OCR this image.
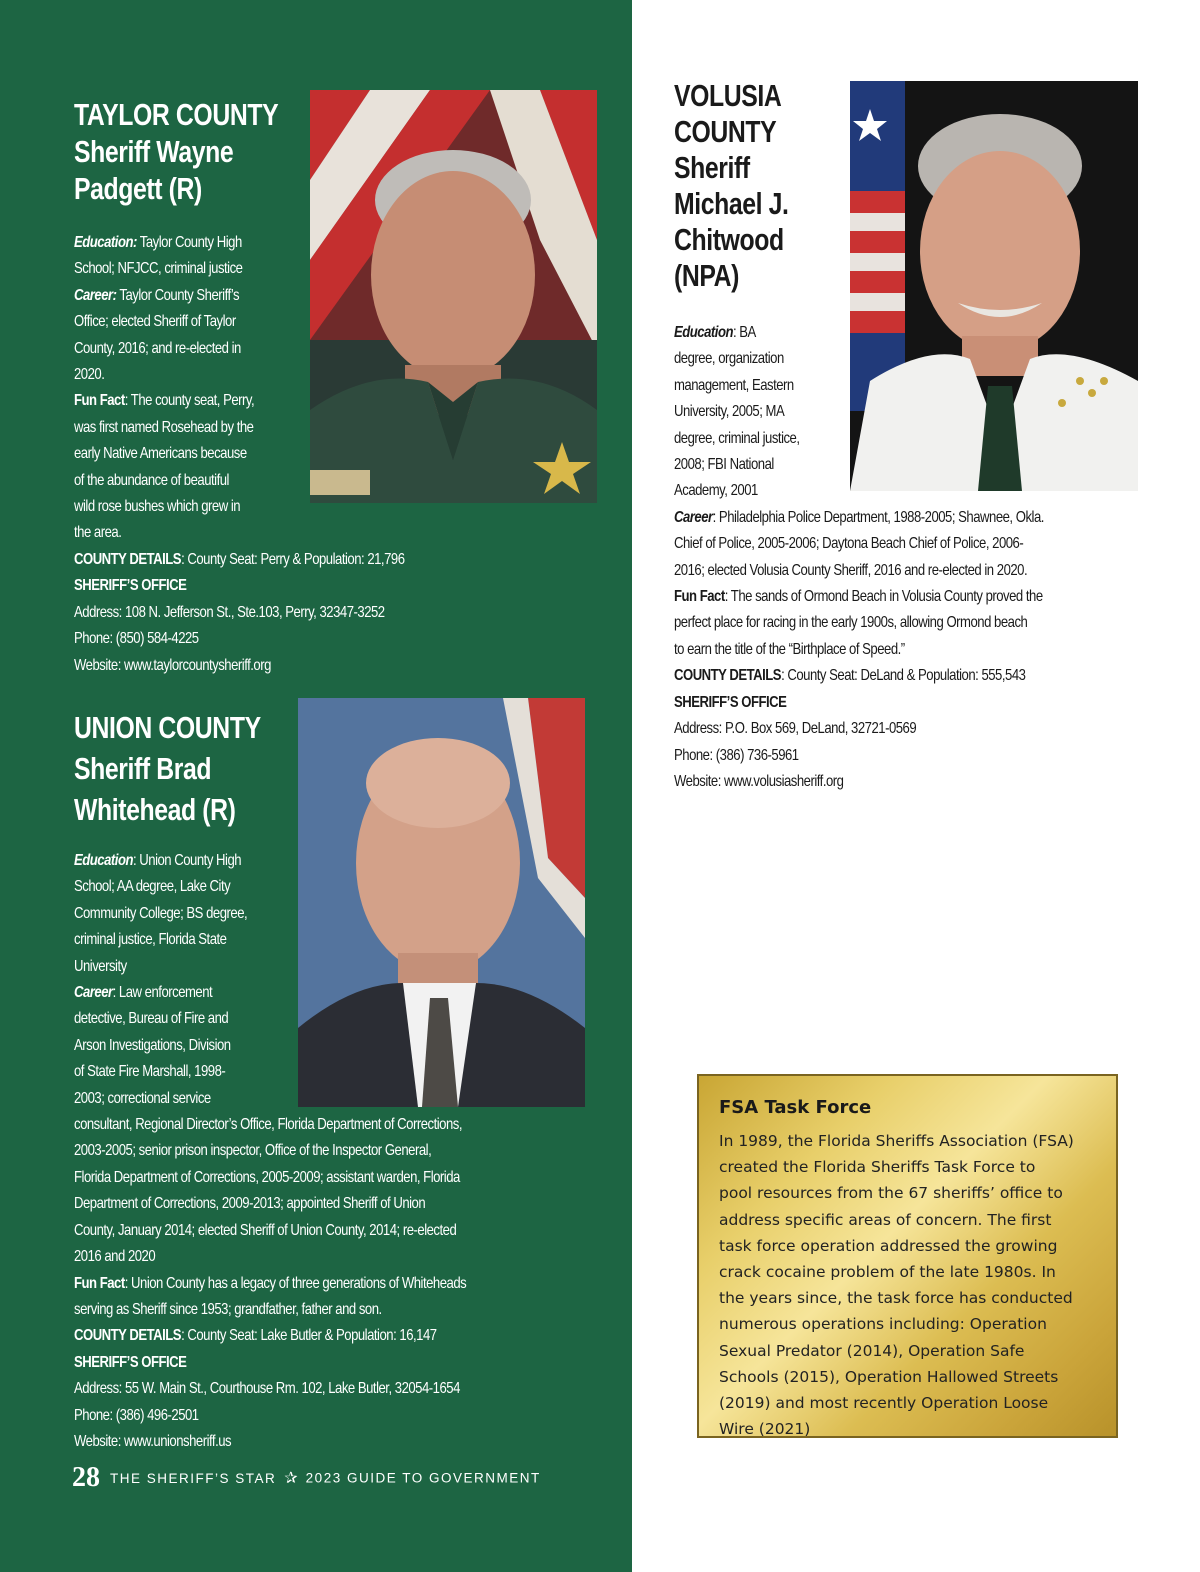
TAYLOR COUNTY
Sheriff Wayne
Padgett (R)
Education: Taylor County High
School; NFJCC, criminal justice
Career: Taylor County Sheriff’s
Office; elected Sheriff of Taylor
County, 2016; and re-elected in
2020.
Fun Fact: The county seat, Perry,
was first named Rosehead by the
early Native Americans because
of the abundance of beautiful
wild rose bushes which grew in
the area.
COUNTY DETAILS: County Seat: Perry & Population: 21,796
SHERIFF’S OFFICE
Address: 108 N. Jefferson St., Ste.103, Perry, 32347-3252
Phone: (850) 584-4225
Website: www.taylorcountysheriff.org
UNION COUNTY
Sheriff Brad
Whitehead (R)
Education: Union County High
School; AA degree, Lake City
Community College; BS degree,
criminal justice, Florida State
University
Career: Law enforcement
detective, Bureau of Fire and
Arson Investigations, Division
of State Fire Marshall, 1998-
2003; correctional service
consultant, Regional Director’s Office, Florida Department of Corrections,
2003-2005; senior prison inspector, Office of the Inspector General,
Florida Department of Corrections, 2005-2009; assistant warden, Florida
Department of Corrections, 2009-2013; appointed Sheriff of Union
County, January 2014; elected Sheriff of Union County, 2014; re-elected
2016 and 2020
Fun Fact: Union County has a legacy of three generations of Whiteheads
serving as Sheriff since 1953; grandfather, father and son.
COUNTY DETAILS: County Seat: Lake Butler & Population: 16,147
SHERIFF’S OFFICE
Address: 55 W. Main St., Courthouse Rm. 102, Lake Butler, 32054-1654
Phone: (386) 496-2501
Website: www.unionsheriff.us
VOLUSIA
COUNTY
Sheriff
Michael J.
Chitwood
(NPA)
Education: BA
degree, organization
management, Eastern
University, 2005; MA
degree, criminal justice,
2008; FBI National
Academy, 2001
Career: Philadelphia Police Department, 1988-2005; Shawnee, Okla.
Chief of Police, 2005-2006; Daytona Beach Chief of Police, 2006-
2016; elected Volusia County Sheriff, 2016 and re-elected in 2020.
Fun Fact: The sands of Ormond Beach in Volusia County proved the
perfect place for racing in the early 1900s, allowing Ormond beach
to earn the title of the “Birthplace of Speed.”
COUNTY DETAILS: County Seat: DeLand & Population: 555,543
SHERIFF’S OFFICE
Address: P.O. Box 569, DeLand, 32721-0569
Phone: (386) 736-5961
Website: www.volusiasheriff.org
FSA Task Force
In 1989, the Florida Sheriffs Association (FSA)
created the Florida Sheriffs Task Force to
pool resources from the 67 sheriffs’ office to
address specific areas of concern. The first
task force operation addressed the growing
crack cocaine problem of the late 1980s. In
the years since, the task force has conducted
numerous operations including: Operation
Sexual Predator (2014), Operation Safe
Schools (2015), Operation Hallowed Streets
(2019) and most recently Operation Loose
Wire (2021)
28 THE SHERIFF’S STAR ✰ 2023 GUIDE TO GOVERNMENT
